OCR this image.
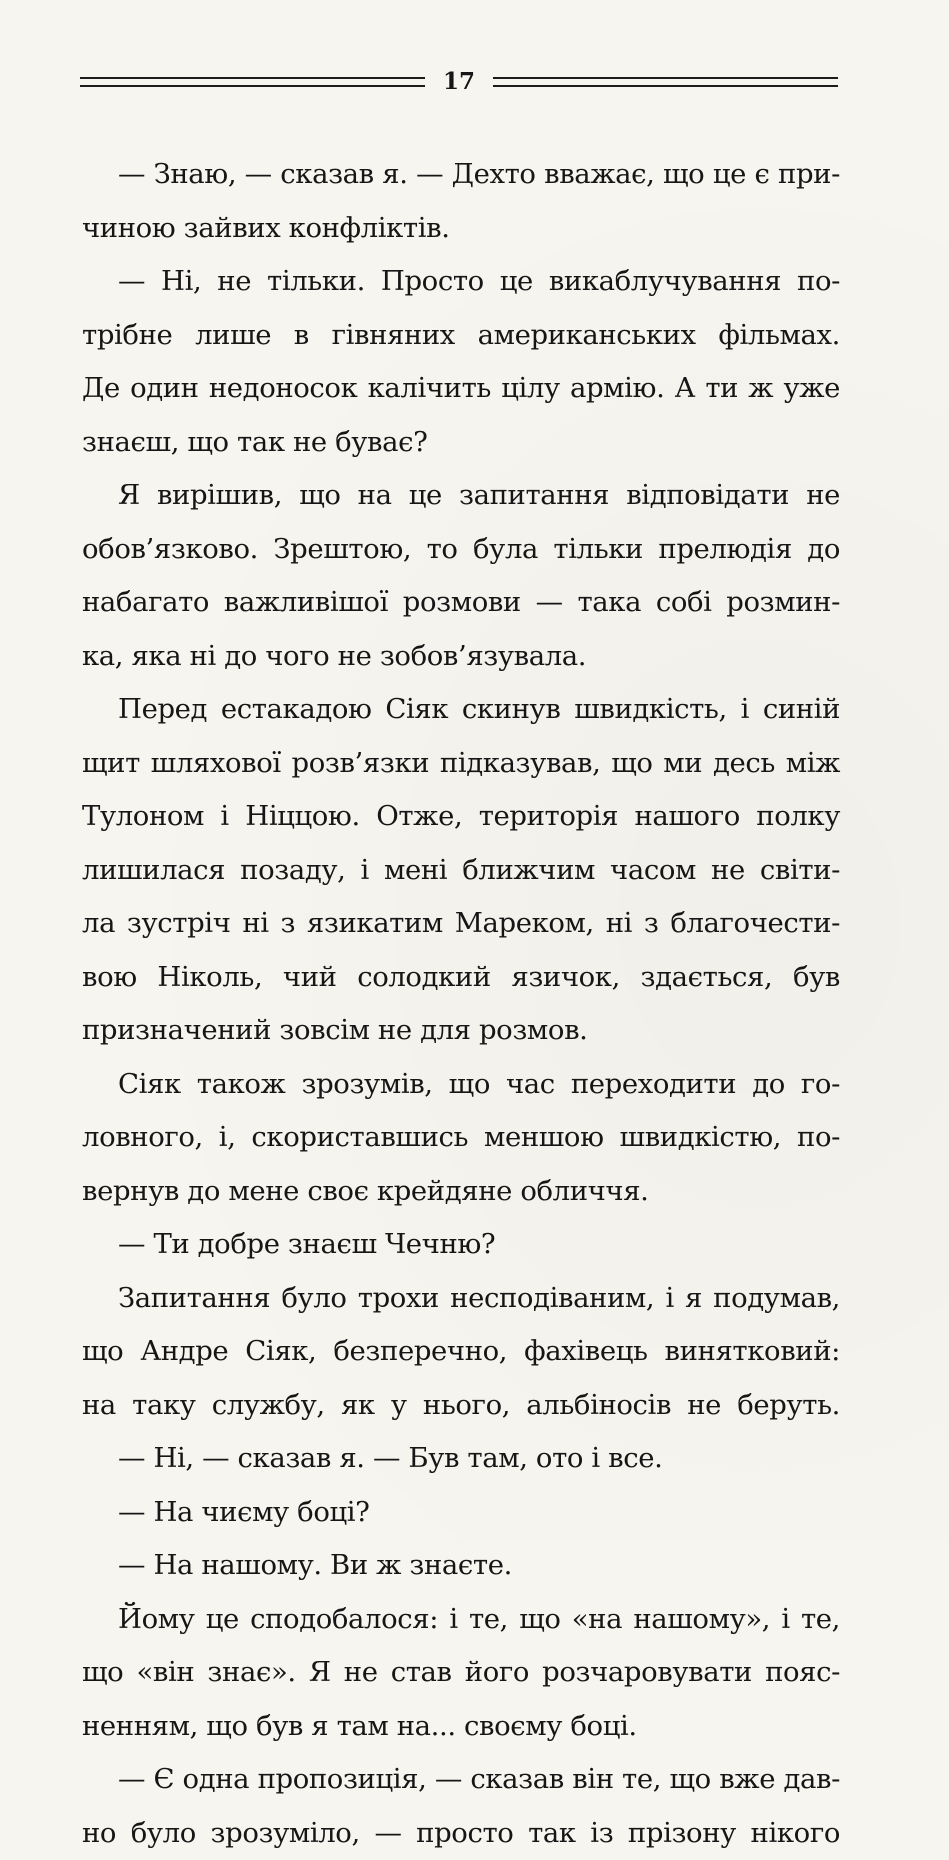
17
— Знаю, — сказав я. — Дехто вважає, що це є при-
чиною зайвих конфліктів.
— Ні, не тільки. Просто це викаблучування по-
трібне лише в гівняних американських фільмах.
Де один недоносок калічить цілу армію. А ти ж уже
знаєш, що так не буває?
Я вирішив, що на це запитання відповідати не
обов’язково. Зрештою, то була тільки прелюдія до
набагато важливішої розмови — така собі розмин-
ка, яка ні до чого не зобов’язувала.
Перед естакадою Сіяк скинув швидкість, і синій
щит шляхової розв’язки підказував, що ми десь між
Тулоном і Ніццою. Отже, територія нашого полку
лишилася позаду, і мені ближчим часом не світи-
ла зустріч ні з язикатим Мареком, ні з благочести-
вою Ніколь, чий солодкий язичок, здається, був
призначений зовсім не для розмов.
Сіяк також зрозумів, що час переходити до го-
ловного, і, скориставшись меншою швидкістю, по-
вернув до мене своє крейдяне обличчя.
— Ти добре знаєш Чечню?
Запитання було трохи несподіваним, і я подумав,
що Андре Сіяк, безперечно, фахівець винятковий:
на таку службу, як у нього, альбіносів не беруть.
— Ні, — сказав я. — Був там, ото і все.
— На чиєму боці?
— На нашому. Ви ж знаєте.
Йому це сподобалося: і те, що «на нашому», і те,
що «він знає». Я не став його розчаровувати пояс-
ненням, що був я там на... своєму боці.
— Є одна пропозиція, — сказав він те, що вже дав-
но було зрозуміло, — просто так із прізону нікого
